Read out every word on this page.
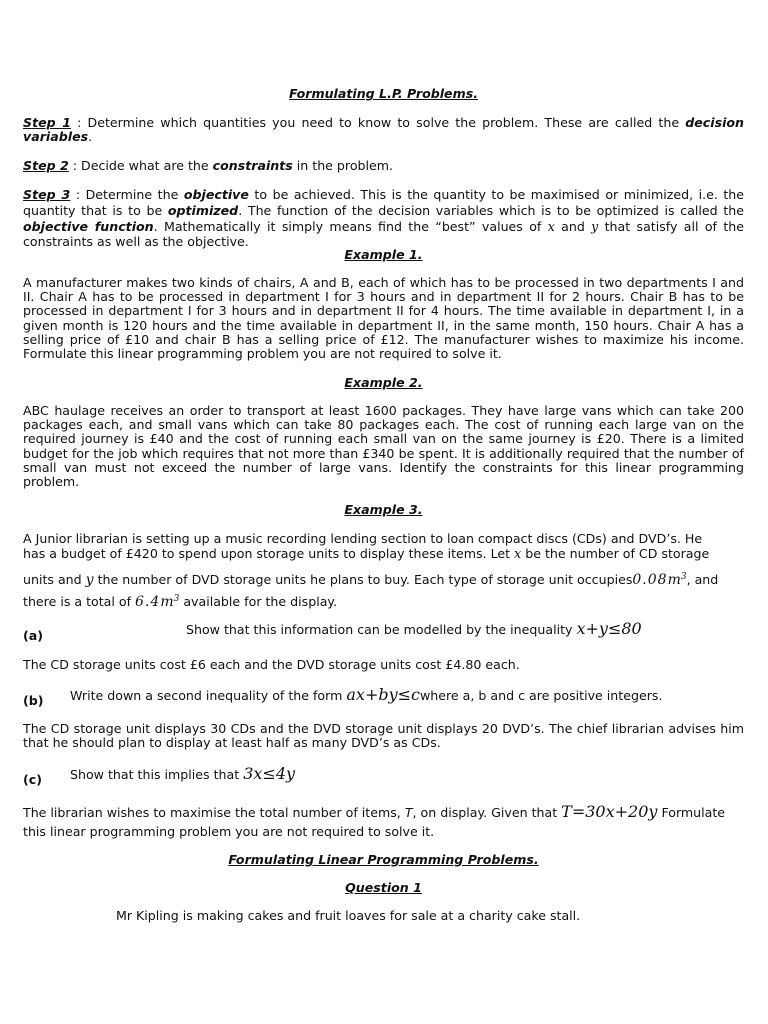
Formulating L.P. Problems.

Step 1 : Determine which quantities you need to know to solve the problem. These are called the decision variables.

Step 2 : Decide what are the constraints in the problem.

Step 3 : Determine the objective to be achieved. This is the quantity to be maximised or minimized, i.e. the quantity that is to be optimized. The function of the decision variables which is to be optimized is called the objective function. Mathematically it simply means find the “best” values of x and y that satisfy all of the constraints as well as the objective.

Example 1.

A manufacturer makes two kinds of chairs, A and B, each of which has to be processed in two departments I and II. Chair A has to be processed in department I for 3 hours and in department II for 2 hours. Chair B has to be processed in department I for 3 hours and in department II for 4 hours. The time available in department I, in a given month is 120 hours and the time available in department II, in the same month, 150 hours. Chair A has a selling price of £10 and chair B has a selling price of £12. The manufacturer wishes to maximize his income. Formulate this linear programming problem you are not required to solve it.

Example 2.

ABC haulage receives an order to transport at least 1600 packages. They have large vans which can take 200 packages each, and small vans which can take 80 packages each. The cost of running each large van on the required journey is £40 and the cost of running each small van on the same journey is £20. There is a limited budget for the job which requires that not more than £340 be spent. It is additionally required that the number of small van must not exceed the number of large vans. Identify the constraints for this linear programming problem.

Example 3.
A Junior librarian is setting up a music recording lending section to loan compact discs (CDs) and DVD’s. He
has a budget of £420 to spend upon storage units to display these items. Let x be the number of CD storage
units and y the number of DVD storage units he plans to buy. Each type of storage unit $occupies0.08m^3$, and
there is a total of $6.4m^3$ available for the display.
(a)	Show that this information can be modelled by the inequality x+y≤80
The CD storage units cost £6 each and the DVD storage units cost £4.80 each.
(b) Write down a second inequality of the form ax+by≤cwhere a, b and c are positive integers.

The CD storage unit displays 30 CDs and the DVD storage unit displays 20 DVD’s. The chief librarian advises him that he should plan to display at least half as many DVD’s as CDs.

(c) Show that this implies that 3x≤4y
The librarian wishes to maximise the total number of items, T, on display. Given that T=30x+20y Formulate
this linear programming problem you are not required to solve it.
Formulating Linear Programming Problems.
Question 1
Mr Kipling is making cakes and fruit loaves for sale at a charity cake stall.
